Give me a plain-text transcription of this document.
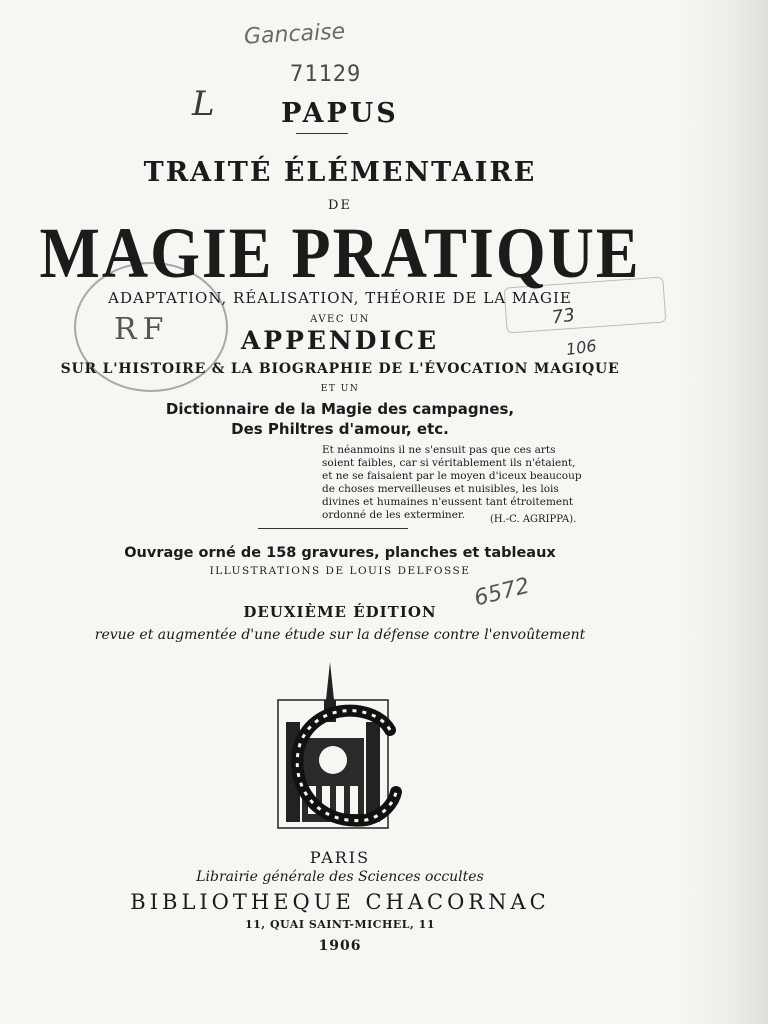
Gancaise
71129
L
RF	73
106
6572
PAPUS
TRAITÉ ÉLÉMENTAIRE
DE
MAGIE PRATIQUE
ADAPTATION, RÉALISATION, THÉORIE DE LA MAGIE
AVEC UN
APPENDICE
SUR L'HISTOIRE & LA BIOGRAPHIE DE L'ÉVOCATION MAGIQUE
ET UN
Dictionnaire de la Magie des campagnes,
Des Philtres d'amour, etc.
Et néanmoins il ne s'ensuit pas que ces arts
soient faibles, car si véritablement ils n'étaient,
et ne se faisaient par le moyen d'iceux beaucoup
de choses merveilleuses et nuisibles, les lois
divines et humaines n'eussent tant étroitement
ordonné de les exterminer.	(H.-C. AGRIPPA).
Ouvrage orné de 158 gravures, planches et tableaux
ILLUSTRATIONS DE LOUIS DELFOSSE
DEUXIÈME ÉDITION
revue et augmentée d'une étude sur la défense contre l'envoûtement
PARIS
Librairie générale des Sciences occultes
BIBLIOTHEQUE CHACORNAC
11, QUAI SAINT-MICHEL, 11
1906
